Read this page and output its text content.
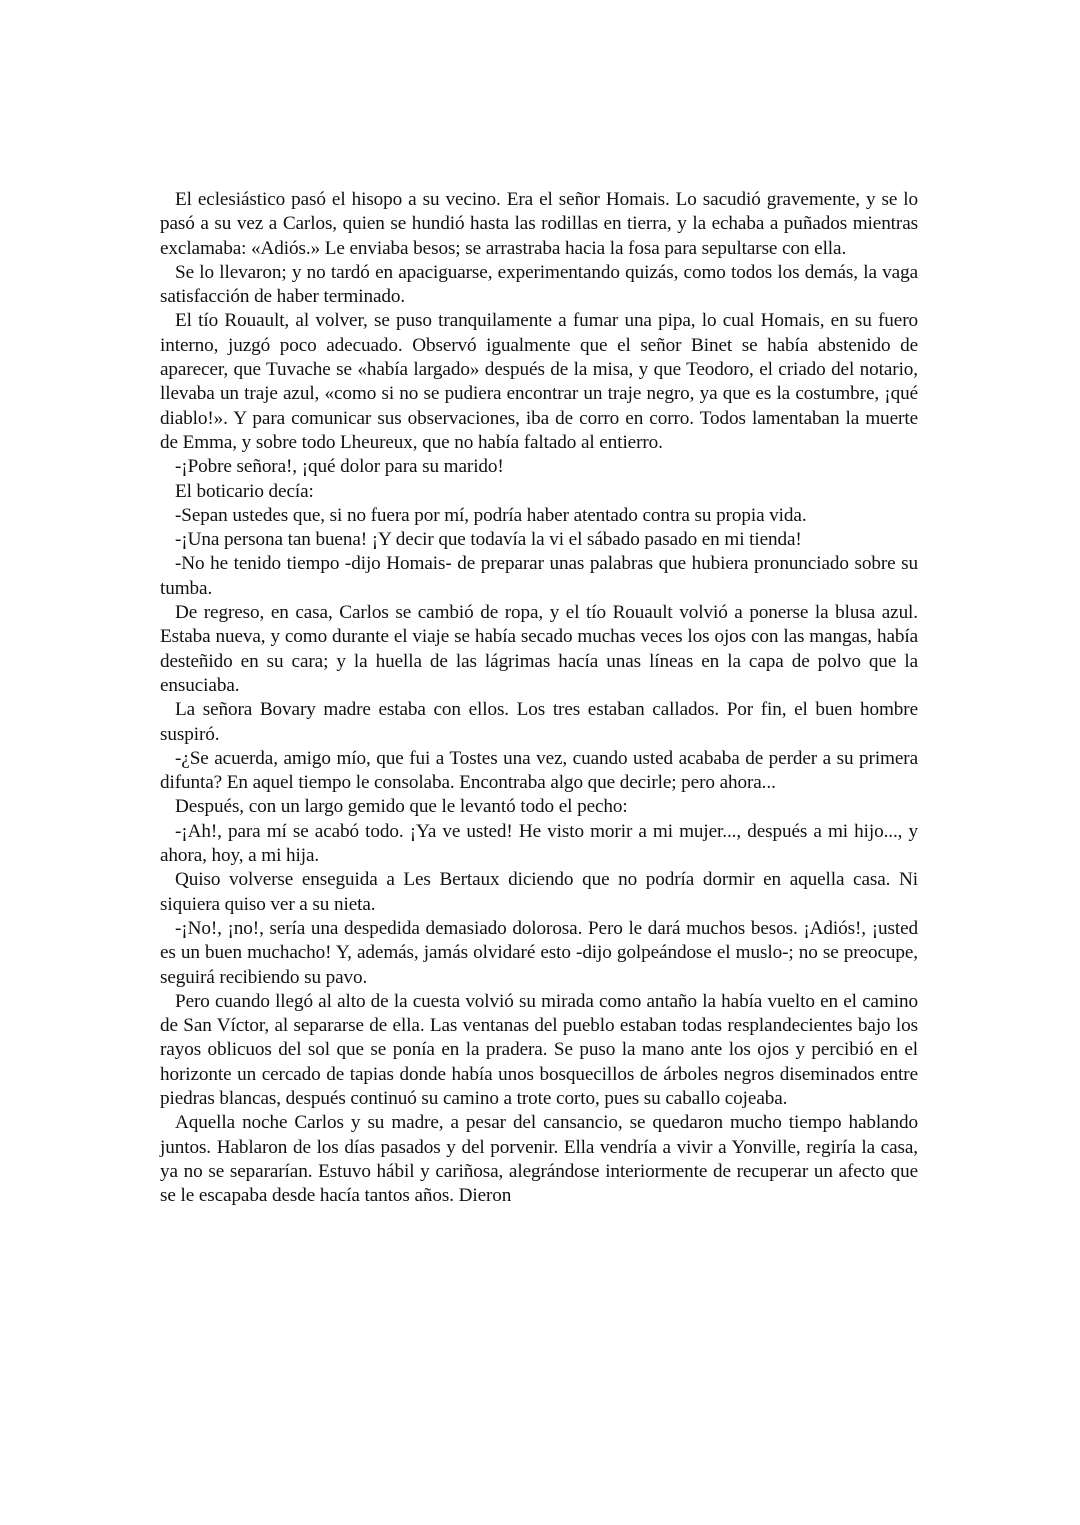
El eclesiástico pasó el hisopo a su vecino. Era el señor Homais. Lo sacudió gravemente, y se lo pasó a su vez a Carlos, quien se hundió hasta las rodillas en tierra, y la echaba a puñados mientras exclamaba: «Adiós.» Le enviaba besos; se arrastraba hacia la fosa para sepultarse con ella.

Se lo llevaron; y no tardó en apaciguarse, experimentando quizás, como todos los demás, la vaga satisfacción de haber terminado.

El tío Rouault, al volver, se puso tranquilamente a fumar una pipa, lo cual Homais, en su fuero interno, juzgó poco adecuado. Observó igualmente que el señor Binet se había abstenido de aparecer, que Tuvache se «había largado» después de la misa, y que Teodoro, el criado del notario, llevaba un traje azul, «como si no se pudiera encontrar un traje negro, ya que es la costumbre, ¡qué diablo!». Y para comunicar sus observaciones, iba de corro en corro. Todos lamentaban la muerte de Emma, y sobre todo Lheureux, que no había faltado al entierro.

-¡Pobre señora!, ¡qué dolor para su marido!

El boticario decía:

-Sepan ustedes que, si no fuera por mí, podría haber atentado contra su propia vida.

-¡Una persona tan buena! ¡Y decir que todavía la vi el sábado pasado en mi tienda!

-No he tenido tiempo -dijo Homais- de preparar unas palabras que hubiera pronunciado sobre su tumba.

De regreso, en casa, Carlos se cambió de ropa, y el tío Rouault volvió a ponerse la blusa azul. Estaba nueva, y como durante el viaje se había secado muchas veces los ojos con las mangas, había desteñido en su cara; y la huella de las lágrimas hacía unas líneas en la capa de polvo que la ensuciaba.

La señora Bovary madre estaba con ellos. Los tres estaban callados. Por fin, el buen hombre suspiró.

-¿Se acuerda, amigo mío, que fui a Tostes una vez, cuando usted acababa de perder a su primera difunta? En aquel tiempo le consolaba. Encontraba algo que decirle; pero ahora...

Después, con un largo gemido que le levantó todo el pecho:

-¡Ah!, para mí se acabó todo. ¡Ya ve usted! He visto morir a mi mujer..., después a mi hijo..., y ahora, hoy, a mi hija.

Quiso volverse enseguida a Les Bertaux diciendo que no podría dormir en aquella casa. Ni siquiera quiso ver a su nieta.

-¡No!, ¡no!, sería una despedida demasiado dolorosa. Pero le dará muchos besos. ¡Adiós!, ¡usted es un buen muchacho! Y, además, jamás olvidaré esto -dijo golpeándose el muslo-; no se preocupe, seguirá recibiendo su pavo.

Pero cuando llegó al alto de la cuesta volvió su mirada como antaño la había vuelto en el camino de San Víctor, al separarse de ella. Las ventanas del pueblo estaban todas resplandecientes bajo los rayos oblicuos del sol que se ponía en la pradera. Se puso la mano ante los ojos y percibió en el horizonte un cercado de tapias donde había unos bosquecillos de árboles negros diseminados entre piedras blancas, después continuó su camino a trote corto, pues su caballo cojeaba.

Aquella noche Carlos y su madre, a pesar del cansancio, se quedaron mucho tiempo hablando juntos. Hablaron de los días pasados y del porvenir. Ella vendría a vivir a Yonville, regiría la casa, ya no se separarían. Estuvo hábil y cariñosa, alegrándose interiormente de recuperar un afecto que se le escapaba desde hacía tantos años. Dieron
